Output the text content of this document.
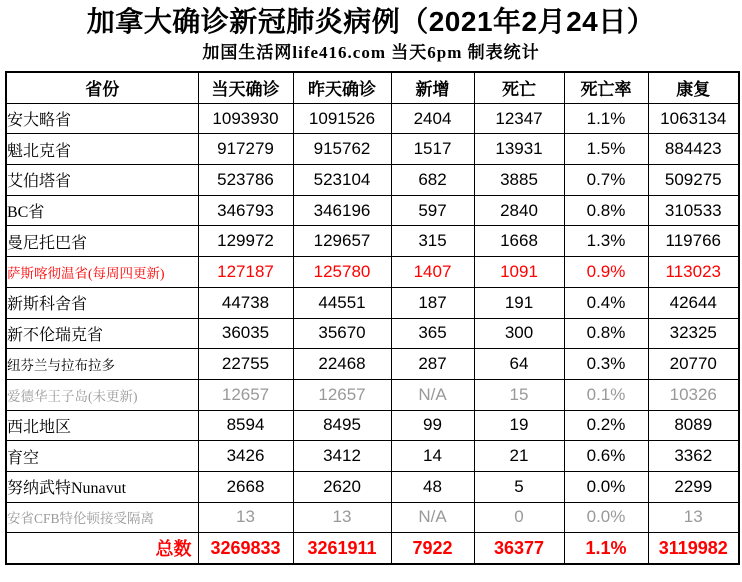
加拿大确诊新冠肺炎病例（2021年2月24日）
加国生活网life416.com 当天6pm 制表统计
省份	当天确诊	昨天确诊	新增	死亡	死亡率	康复
安大略省	1093930	1091526	2404	12347	1.1%	1063134
魁北克省	917279	915762	1517	13931	1.5%	884423
艾伯塔省	523786	523104	682	3885	0.7%	509275
BC省	346793	346196	597	2840	0.8%	310533
曼尼托巴省	129972	129657	315	1668	1.3%	119766
萨斯喀彻温省(每周四更新)	127187	125780	1407	1091	0.9%	113023
新斯科舍省	44738	44551	187	191	0.4%	42644
新不伦瑞克省	36035	35670	365	300	0.8%	32325
纽芬兰与拉布拉多	22755	22468	287	64	0.3%	20770
爱德华王子岛(未更新)	12657	12657	N/A	15	0.1%	10326
西北地区	8594	8495	99	19	0.2%	8089
育空	3426	3412	14	21	0.6%	3362
努纳武特Nunavut	2668	2620	48	5	0.0%	2299
安省CFB特伦顿接受隔离	13	13	N/A	0	0.0%	13
总数	3269833	3261911	7922	36377	1.1%	3119982
